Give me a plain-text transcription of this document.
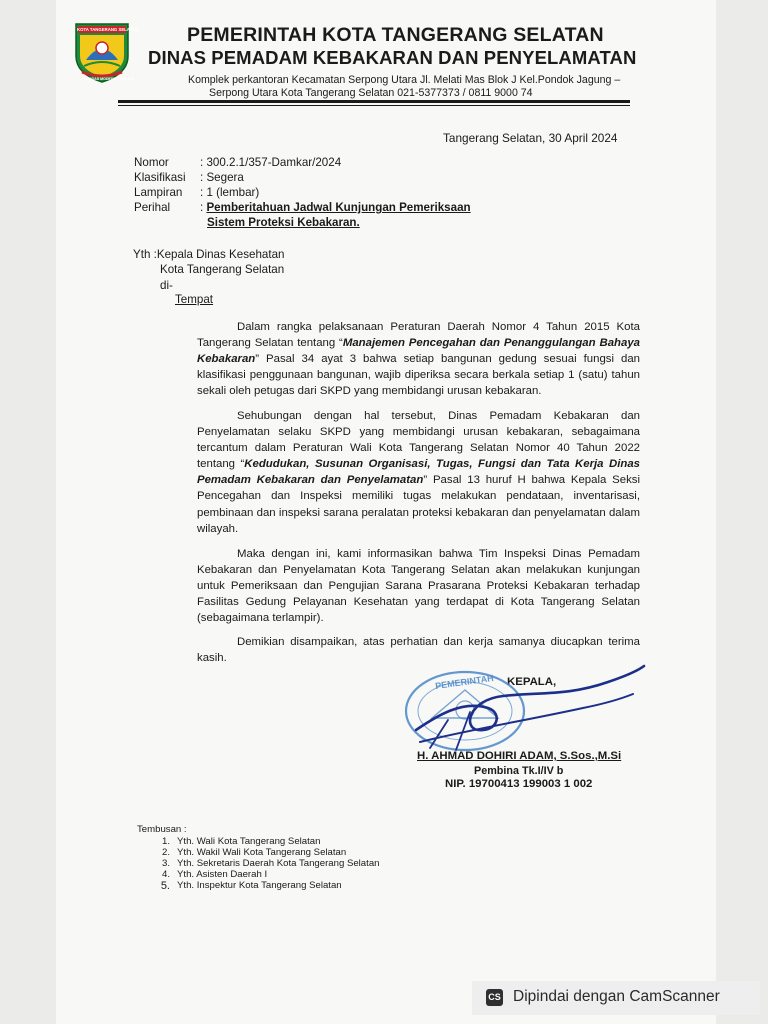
KOTA TANGERANG SELATAN
CERDAS MODERN RELIGIUS
PEMERINTAH KOTA TANGERANG SELATAN
DINAS PEMADAM KEBAKARAN DAN PENYELAMATAN
Komplek perkantoran Kecamatan Serpong Utara Jl. Melati Mas Blok J Kel.Pondok Jagung –
Serpong Utara Kota Tangerang Selatan 021-5377373 / 0811 9000 74
Tangerang Selatan, 30 April 2024
Nomor	: 300.2.1/357-Damkar/2024
Klasifikasi : Segera
Lampiran : 1 (lembar)
Perihal	: Pemberitahuan Jadwal Kunjungan Pemeriksaan
Sistem Proteksi Kebakaran.
Yth :Kepala Dinas Kesehatan
Kota Tangerang Selatan
di-
Tempat
Dalam rangka pelaksanaan Peraturan Daerah Nomor 4 Tahun 2015 Kota Tangerang Selatan tentang “Manajemen Pencegahan dan Penanggulangan Bahaya Kebakaran” Pasal 34 ayat 3 bahwa setiap bangunan gedung sesuai fungsi dan klasifikasi penggunaan bangunan, wajib diperiksa secara berkala setiap 1 (satu) tahun sekali oleh petugas dari SKPD yang membidangi urusan kebakaran.
Sehubungan dengan hal tersebut, Dinas Pemadam Kebakaran dan Penyelamatan selaku SKPD yang membidangi urusan kebakaran, sebagaimana tercantum dalam Peraturan Wali Kota Tangerang Selatan Nomor 40 Tahun 2022 tentang “Kedudukan, Susunan Organisasi, Tugas, Fungsi dan Tata Kerja Dinas Pemadam Kebakaran dan Penyelamatan” Pasal 13 huruf H bahwa Kepala Seksi Pencegahan dan Inspeksi memiliki tugas melakukan pendataan, inventarisasi, pembinaan dan inspeksi sarana peralatan proteksi kebakaran dan penyelamatan dalam wilayah.
Maka dengan ini, kami informasikan bahwa Tim Inspeksi Dinas Pemadam Kebakaran dan Penyelamatan Kota Tangerang Selatan akan melakukan kunjungan untuk Pemeriksaan dan Pengujian Sarana Prasarana Proteksi Kebakaran terhadap Fasilitas Gedung Pelayanan Kesehatan yang terdapat di Kota Tangerang Selatan (sebagaimana terlampir).
Demikian disampaikan, atas perhatian dan kerja samanya diucapkan terima kasih.
KEPALA,
PEMERINTAH
H. AHMAD DOHIRI ADAM, S.Sos.,M.Si
Pembina Tk.I/IV b
NIP. 19700413 199003 1 002
Tembusan :
1. Yth. Wali Kota Tangerang Selatan
2. Yth. Wakil Wali Kota Tangerang Selatan
3. Yth. Sekretaris Daerah Kota Tangerang Selatan
4. Yth. Asisten Daerah I
5. Yth. Inspektur Kota Tangerang Selatan
CS Dipindai dengan CamScanner
